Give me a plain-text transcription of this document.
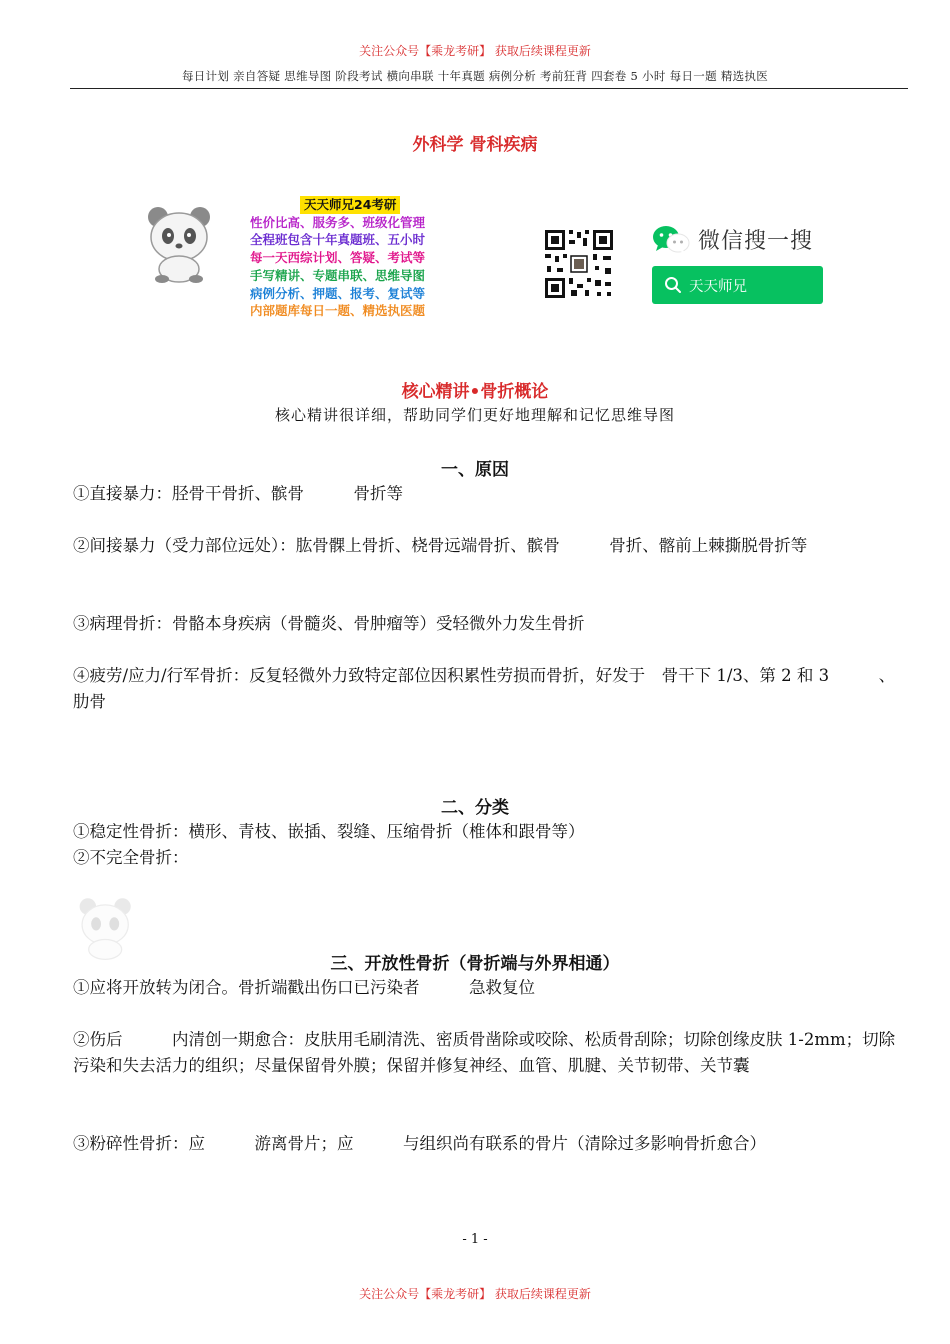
关注公众号【乘龙考研】 获取后续课程更新
每日计划 亲自答疑 思维导图 阶段考试 横向串联 十年真题 病例分析 考前狂背 四套卷 5 小时 每日一题 精选执医
外科学 骨科疾病
天天师兄24考研
性价比高、服务多、班级化管理
全程班包含十年真题班、五小时
每一天西综计划、答疑、考试等
手写精讲、专题串联、思维导图
病例分析、押题、报考、复试等
内部题库每日一题、精选执医题
微信搜一搜
天天师兄
核心精讲•骨折概论
核心精讲很详细，帮助同学们更好地理解和记忆思维导图
一、原因
①直接暴力：胫骨干骨折、髌骨　　　骨折等
②间接暴力（受力部位远处）：肱骨髁上骨折、桡骨远端骨折、髌骨　　　骨折、髂前上棘撕脱骨折等
③病理骨折：骨骼本身疾病（骨髓炎、骨肿瘤等）受轻微外力发生骨折
④疲劳/应力/行军骨折：反复轻微外力致特定部位因积累性劳损而骨折，好发于　骨干下 1/3、第 2 和 3　　　、肋骨
二、分类
①稳定性骨折：横形、青枝、嵌插、裂缝、压缩骨折（椎体和跟骨等）
②不完全骨折：
三、开放性骨折（骨折端与外界相通）
①应将开放转为闭合。骨折端戳出伤口已污染者　　　急救复位
②伤后　　　内清创一期愈合：皮肤用毛刷清洗、密质骨凿除或咬除、松质骨刮除；切除创缘皮肤 1-2mm；切除污染和失去活力的组织；尽量保留骨外膜；保留并修复神经、血管、肌腱、关节韧带、关节囊
③粉碎性骨折：应　　　游离骨片；应　　　与组织尚有联系的骨片（清除过多影响骨折愈合）
- 1 -
关注公众号【乘龙考研】 获取后续课程更新
